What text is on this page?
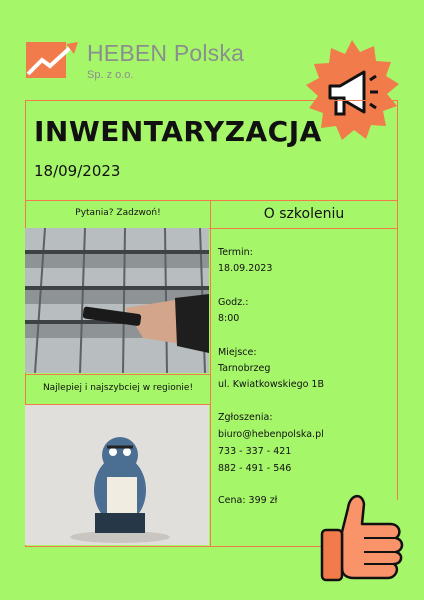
HEBEN Polska
Sp. z o.o.
INWENTARYZACJA
18/09/2023
Pytania? Zadzwoń!	O szkoleniu
Najlepiej i najszybciej w regionie!
Termin:
18.09.2023
Godz.:
8:00
Miejsce:
Tarnobrzeg
ul. Kwiatkowskiego 1B
Zgłoszenia:
biuro@hebenpolska.pl
733 - 337 - 421
882 - 491 - 546
Cena: 399 zł
